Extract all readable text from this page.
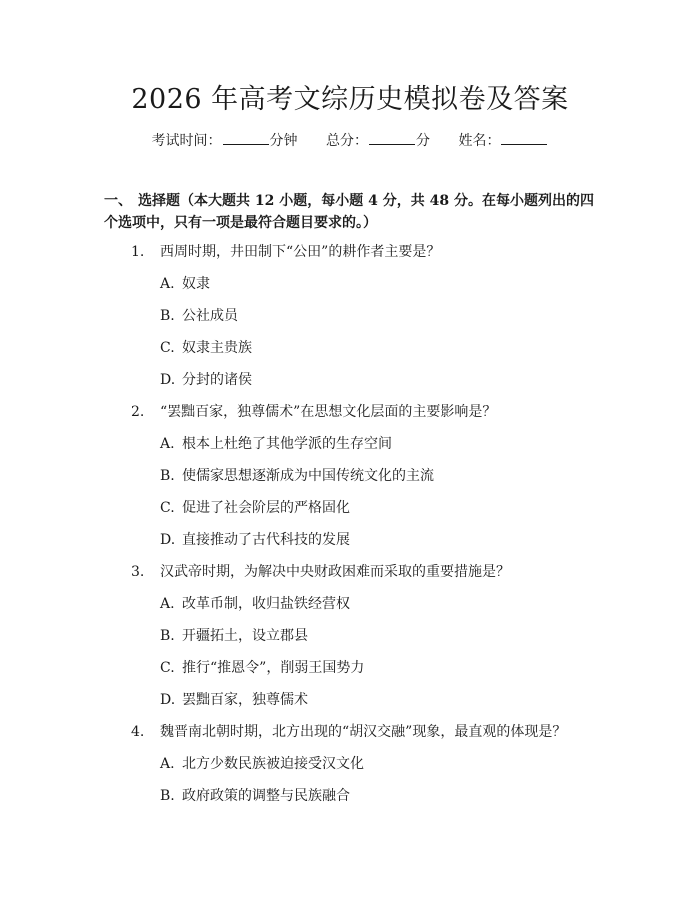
2026 年高考文综历史模拟卷及答案
考试时间：	分钟 总分：	分 姓名：
一、 选择题（本大题共 12 小题，每小题 4 分，共 48 分。在每小题列出的四个选项中，只有一项是最符合题目要求的。）
1. 西周时期，井田制下“公田”的耕作者主要是？
A. 奴隶
B. 公社成员
C. 奴隶主贵族
D. 分封的诸侯
2. “罢黜百家，独尊儒术”在思想文化层面的主要影响是？
A. 根本上杜绝了其他学派的生存空间
B. 使儒家思想逐渐成为中国传统文化的主流
C. 促进了社会阶层的严格固化
D. 直接推动了古代科技的发展
3. 汉武帝时期，为解决中央财政困难而采取的重要措施是？
A. 改革币制，收归盐铁经营权
B. 开疆拓土，设立郡县
C. 推行“推恩令”，削弱王国势力
D. 罢黜百家，独尊儒术
4. 魏晋南北朝时期，北方出现的“胡汉交融”现象，最直观的体现是？
A. 北方少数民族被迫接受汉文化
B. 政府政策的调整与民族融合
